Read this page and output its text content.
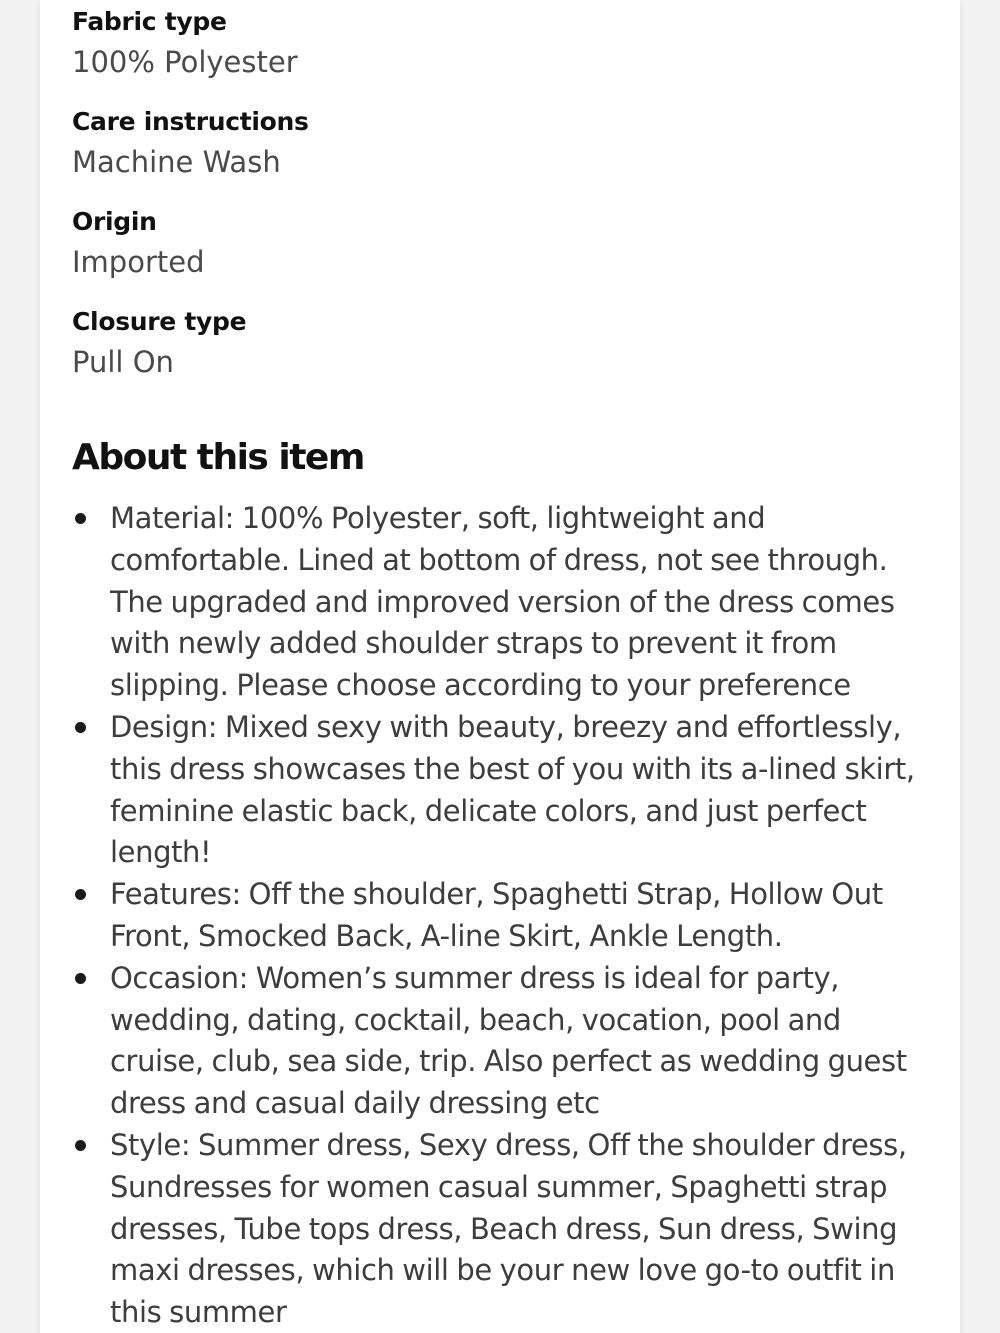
Fabric type
100% Polyester
Care instructions
Machine Wash
Origin
Imported
Closure type
Pull On
About this item
Material: 100% Polyester, soft, lightweight and comfortable. Lined at bottom of dress, not see through. The upgraded and improved version of the dress comes with newly added shoulder straps to prevent it from slipping. Please choose according to your preference
Design: Mixed sexy with beauty, breezy and effortlessly, this dress showcases the best of you with its a-lined skirt, feminine elastic back, delicate colors, and just perfect length!
Features: Off the shoulder, Spaghetti Strap, Hollow Out Front, Smocked Back, A-line Skirt, Ankle Length.
Occasion: Women’s summer dress is ideal for party, wedding, dating, cocktail, beach, vocation, pool and cruise, club, sea side, trip. Also perfect as wedding guest dress and casual daily dressing etc
Style: Summer dress, Sexy dress, Off the shoulder dress, Sundresses for women casual summer, Spaghetti strap dresses, Tube tops dress, Beach dress, Sun dress, Swing maxi dresses, which will be your new love go-to outfit in this summer
